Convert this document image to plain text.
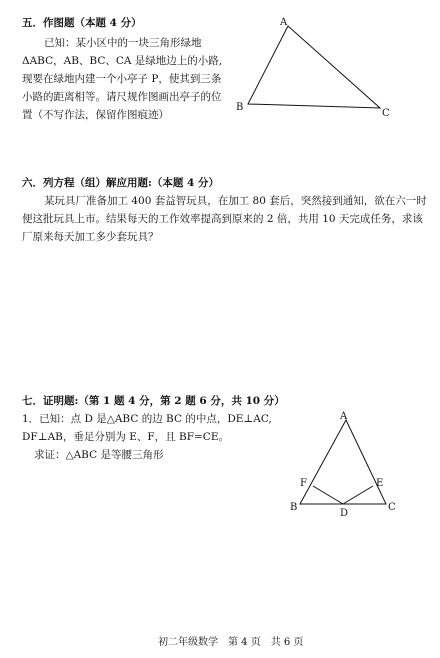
五．作图题（本题 4 分）
已知：某小区中的一块三角形绿地
ΔABC，AB、BC、CA 是绿地边上的小路,
现要在绿地内建一个小亭子 P，使其到三条
小路的距离相等。请尺规作图画出亭子的位
置（不写作法，保留作图痕迹）
A
B
C
六．列方程（组）解应用题:（本题 4 分）
某玩具厂准备加工 400 套益智玩具，在加工 80 套后，突然接到通知，欲在六一时
便这批玩具上市。结果每天的工作效率提高到原来的 2 倍，共用 10 天完成任务，求该
厂原来每天加工多少套玩具？
七．证明题:（第 1 题 4 分，第 2 题 6 分，共 10 分）
1．已知：点 D 是△ABC 的边 BC 的中点，DE⊥AC,
DF⊥AB，垂足分别为 E、F，且 BF=CE。
求证：△ABC 是等腰三角形
A
B	C
D
E
F
初二年级数学　第 4 页　共 6 页
